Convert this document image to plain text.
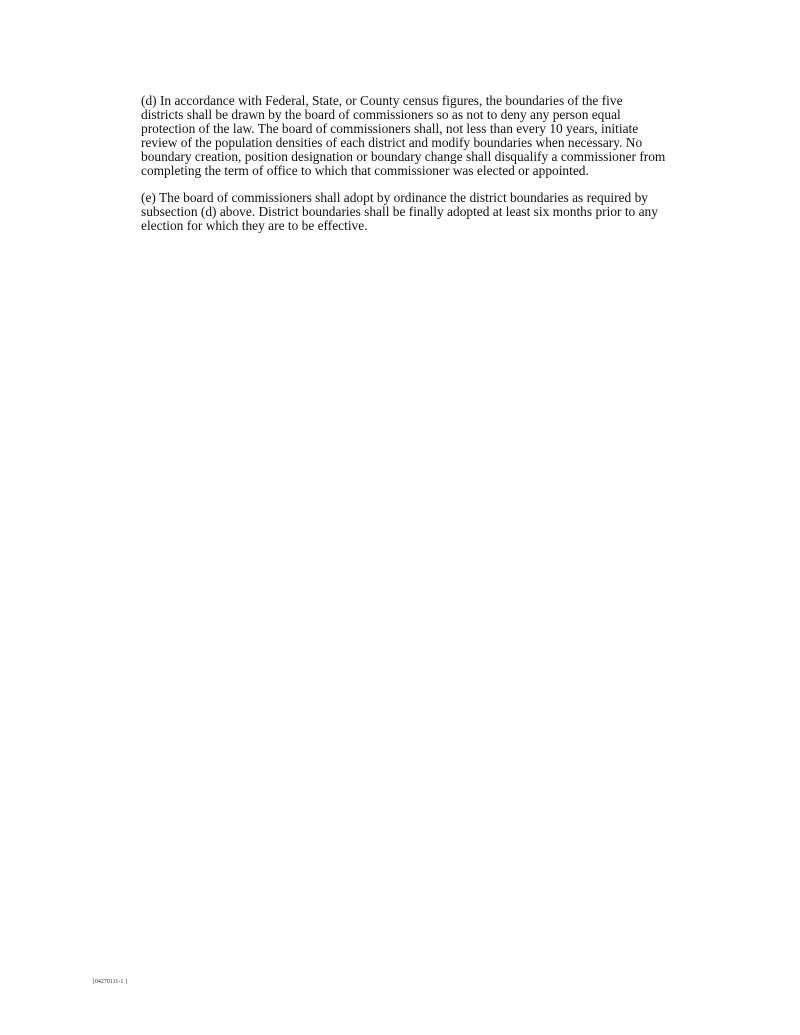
(d) In accordance with Federal, State, or County census figures, the boundaries of the five
districts shall be drawn by the board of commissioners so as not to deny any person equal
protection of the law. The board of commissioners shall, not less than every 10 years, initiate
review of the population densities of each district and modify boundaries when necessary. No
boundary creation, position designation or boundary change shall disqualify a commissioner from
completing the term of office to which that commissioner was elected or appointed.

(e) The board of commissioners shall adopt by ordinance the district boundaries as required by
subsection (d) above. District boundaries shall be finally adopted at least six months prior to any
election for which they are to be effective.

{04270111-1 }
